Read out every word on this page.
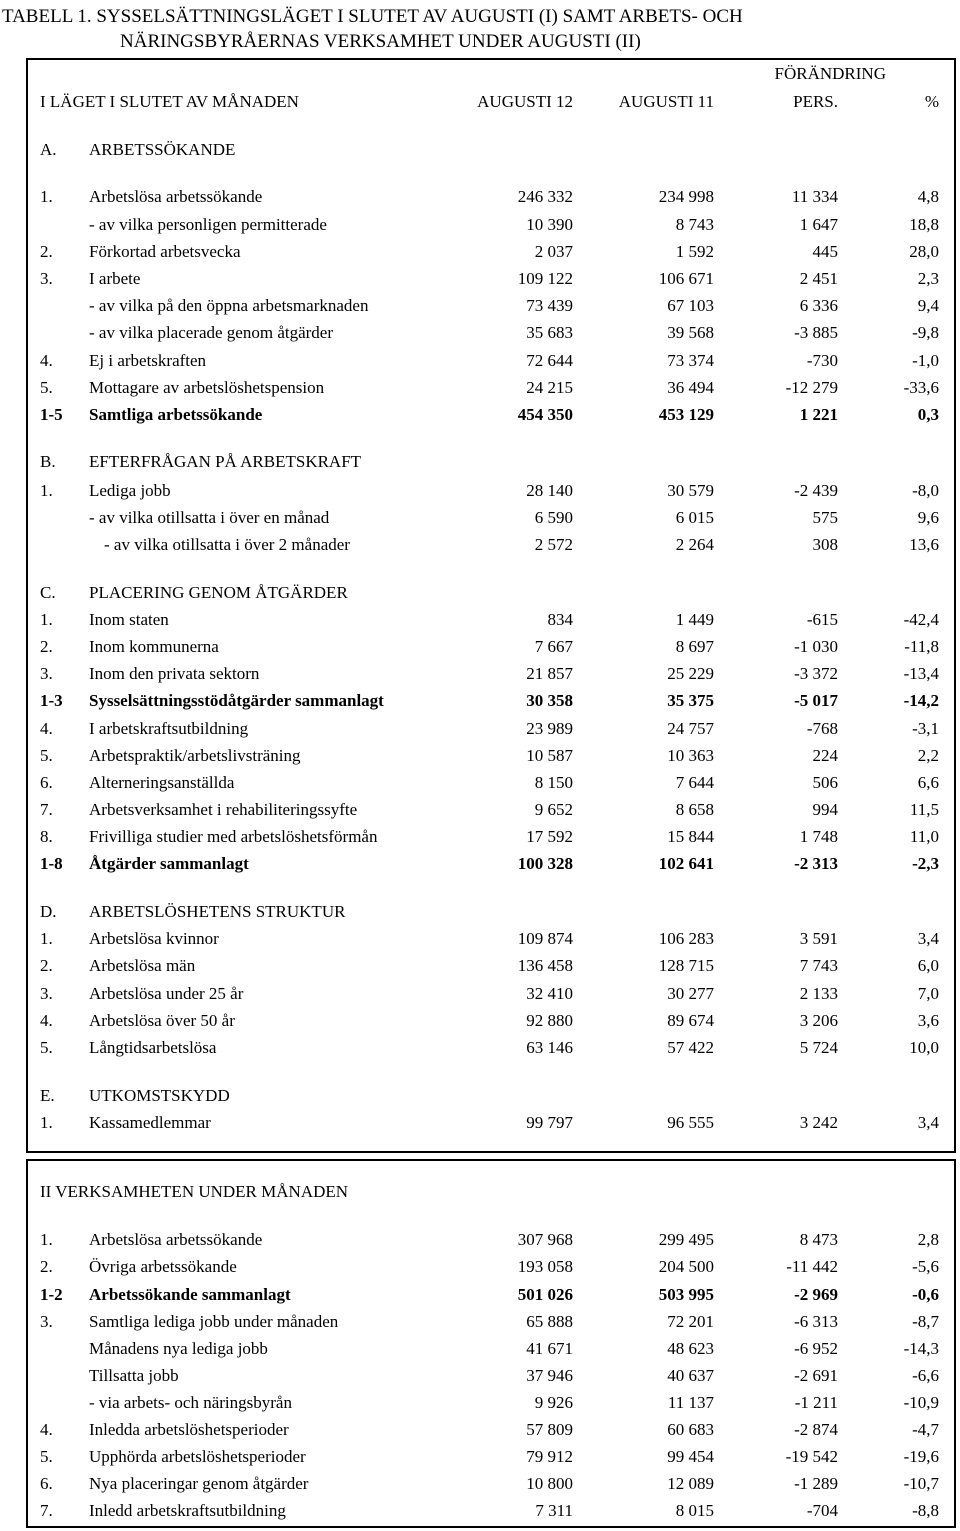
TABELL 1. SYSSELSÄTTNINGSLÄGET I SLUTET AV AUGUSTI (I) SAMT ARBETS- OCH
NÄRINGSBYRÅERNAS VERKSAMHET UNDER AUGUSTI (II)
FÖRÄNDRING
I LÄGET I SLUTET AV MÅNADEN	AUGUSTI 12	AUGUSTI 11	PERS.	%
A. ARBETSSÖKANDE
1. Arbetslösa arbetssökande	246 332	234 998	11 334	4,8
- av vilka personligen permitterade	10 390	8 743	1 647	18,8
2. Förkortad arbetsvecka	2 037	1 592	445	28,0
3. I arbete	109 122	106 671	2 451	2,3
- av vilka på den öppna arbetsmarknaden	73 439	67 103	6 336	9,4
- av vilka placerade genom åtgärder	35 683	39 568	-3 885	-9,8
4. Ej i arbetskraften	72 644	73 374	-730	-1,0
5. Mottagare av arbetslöshetspension	24 215	36 494	-12 279	-33,6
1-5 Samtliga arbetssökande	454 350	453 129	1 221	0,3
B. EFTERFRÅGAN PÅ ARBETSKRAFT
1. Lediga jobb	28 140	30 579	-2 439	-8,0
- av vilka otillsatta i över en månad	6 590	6 015	575	9,6
- av vilka otillsatta i över 2 månader	2 572	2 264	308	13,6
C. PLACERING GENOM ÅTGÄRDER
1. Inom staten	834	1 449	-615	-42,4
2. Inom kommunerna	7 667	8 697	-1 030	-11,8
3. Inom den privata sektorn	21 857	25 229	-3 372	-13,4
1-3 Sysselsättningsstödåtgärder sammanlagt	30 358	35 375	-5 017	-14,2
4. I arbetskraftsutbildning	23 989	24 757	-768	-3,1
5. Arbetspraktik/arbetslivsträning	10 587	10 363	224	2,2
6. Alterneringsanställda	8 150	7 644	506	6,6
7. Arbetsverksamhet i rehabiliteringssyfte	9 652	8 658	994	11,5
8. Frivilliga studier med arbetslöshetsförmån	17 592	15 844	1 748	11,0
1-8 Åtgärder sammanlagt	100 328	102 641	-2 313	-2,3
D. ARBETSLÖSHETENS STRUKTUR
1. Arbetslösa kvinnor	109 874	106 283	3 591	3,4
2. Arbetslösa män	136 458	128 715	7 743	6,0
3. Arbetslösa under 25 år	32 410	30 277	2 133	7,0
4. Arbetslösa över 50 år	92 880	89 674	3 206	3,6
5. Långtidsarbetslösa	63 146	57 422	5 724	10,0
E. UTKOMSTSKYDD
1. Kassamedlemmar	99 797	96 555	3 242	3,4
II VERKSAMHETEN UNDER MÅNADEN
1. Arbetslösa arbetssökande	307 968	299 495	8 473	2,8
2. Övriga arbetssökande	193 058	204 500	-11 442	-5,6
1-2 Arbetssökande sammanlagt	501 026	503 995	-2 969	-0,6
3. Samtliga lediga jobb under månaden	65 888	72 201	-6 313	-8,7
Månadens nya lediga jobb	41 671	48 623	-6 952	-14,3
Tillsatta jobb	37 946	40 637	-2 691	-6,6
- via arbets- och näringsbyrån	9 926	11 137	-1 211	-10,9
4. Inledda arbetslöshetsperioder	57 809	60 683	-2 874	-4,7
5. Upphörda arbetslöshetsperioder	79 912	99 454	-19 542	-19,6
6. Nya placeringar genom åtgärder	10 800	12 089	-1 289	-10,7
7. Inledd arbetskraftsutbildning	7 311	8 015	-704	-8,8
